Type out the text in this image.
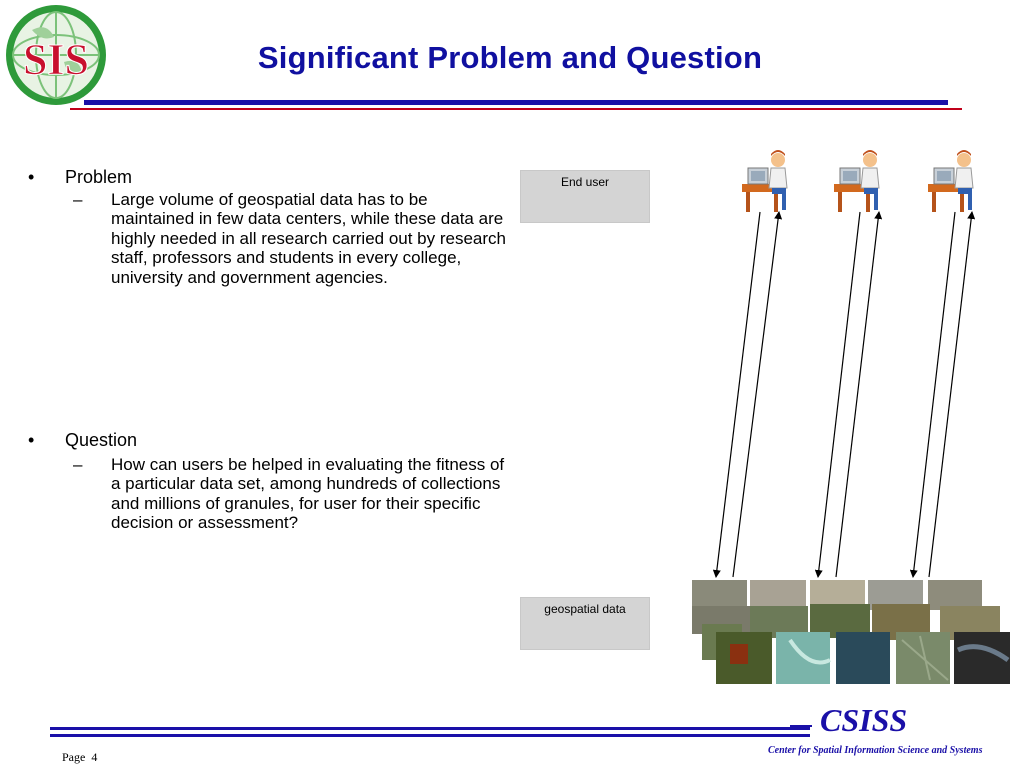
SIS	Significant Problem and Question
• Problem
– Large volume of geospatial data has to be maintained in few data centers, while these data are highly needed in all research carried out by research staff, professors and students in every college, university and government agencies.
• Question
– How can users be helped in evaluating the fitness of a particular data set, among hundreds of collections and millions of granules, for user for their specific decision or assessment?
End user
geospatial data
CSISS
Center for Spatial Information Science and Systems
Page 4
